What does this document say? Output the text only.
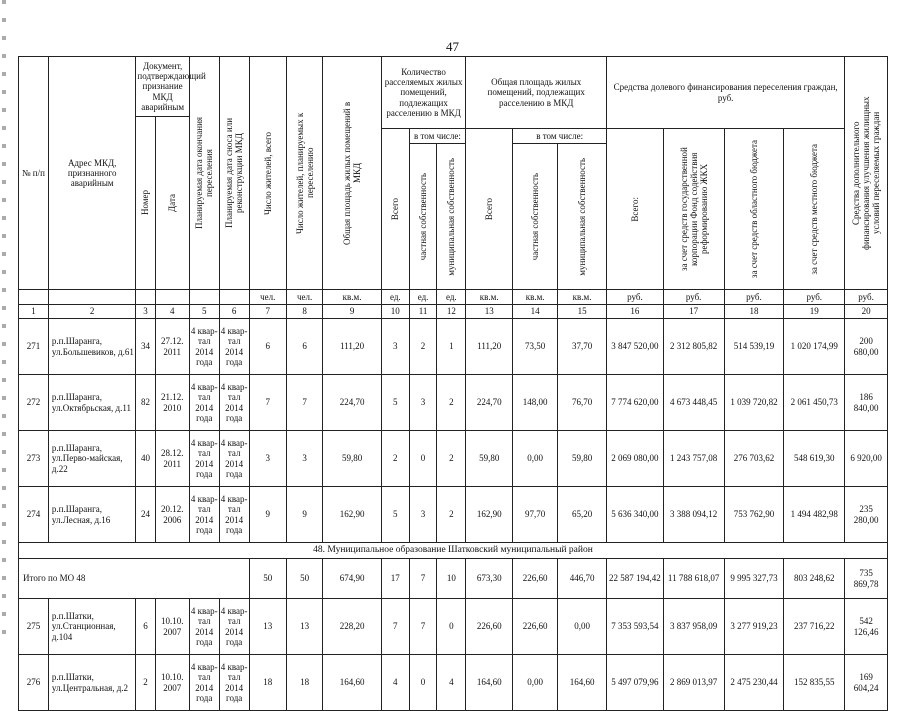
47
№ п/п	Адрес МКД, признанного аварийным	Документ, подтверждающий признание МКД аварийным		Планируемая дата окончания переселения	Планируемая дата сноса или реконструкции МКД	Число жителей, всего	Число жителей, планируемых к переселению	Общая площадь жилых помещений в МКД	Количество расселяемых жилых помещений, подлежащих расселению в МКД			Общая площадь жилых помещений, подлежащих расселению в МКД			Средства долевого финансирования переселения граждан, руб.				Средства дополнительного финансирования улучшения жилищных условий переселяемых граждан

		Номер	Дата																

									Всего	в том числе:		Всего	в том числе:		Всего:	за счет средств государственной корпорации Фонд содействия реформированию ЖКХ	за счет средств областного бюджета	за счет средств местного бюджета	

										частная собственность	муниципальная собственность		частная собственность	муниципальная собственность					

						чел.	чел.	кв.м.	ед.	ед.	ед.	кв.м.	кв.м.	кв.м.	руб.	руб.	руб.	руб.	руб.
1	2	3	4	5	6	7	8	9	10	11	12	13	14	15	16	17	18	19	20
271	р.п.Шаранга, ул.Большевиков, д.61	34	27.12. 2011	4 квар-тал 2014 года	4 квар-тал 2014 года	6	6	111,20	3	2	1	111,20	73,50	37,70	3 847 520,00	2 312 805,82	514 539,19	1 020 174,99	200 680,00
272	р.п.Шаранга, ул.Октябрьская, д.11	82	21.12. 2010	4 квар-тал 2014 года	4 квар-тал 2014 года	7	7	224,70	5	3	2	224,70	148,00	76,70	7 774 620,00	4 673 448,45	1 039 720,82	2 061 450,73	186 840,00
273	р.п.Шаранга, ул.Перво-майская, д.22	40	28.12. 2011	4 квар-тал 2014 года	4 квар-тал 2014 года	3	3	59,80	2	0	2	59,80	0,00	59,80	2 069 080,00	1 243 757,08	276 703,62	548 619,30	6 920,00
274	р.п.Шаранга, ул.Лесная, д.16	24	20.12. 2006	4 квар-тал 2014 года	4 квар-тал 2014 года	9	9	162,90	5	3	2	162,90	97,70	65,20	5 636 340,00	3 388 094,12	753 762,90	1 494 482,98	235 280,00
48. Муниципальное образование Шатковский муниципальный район																			
Итого по МО 48						50	50	674,90	17	7	10	673,30	226,60	446,70	22 587 194,42	11 788 618,07	9 995 327,73	803 248,62	735 869,78
275	р.п.Шатки, ул.Станционная, д.104	6	10.10. 2007	4 квар-тал 2014 года	4 квар-тал 2014 года	13	13	228,20	7	7	0	226,60	226,60	0,00	7 353 593,54	3 837 958,09	3 277 919,23	237 716,22	542 126,46
276	р.п.Шатки, ул.Центральная, д.2	2	10.10. 2007	4 квар-тал 2014 года	4 квар-тал 2014 года	18	18	164,60	4	0	4	164,60	0,00	164,60	5 497 079,96	2 869 013,97	2 475 230,44	152 835,55	169 604,24
